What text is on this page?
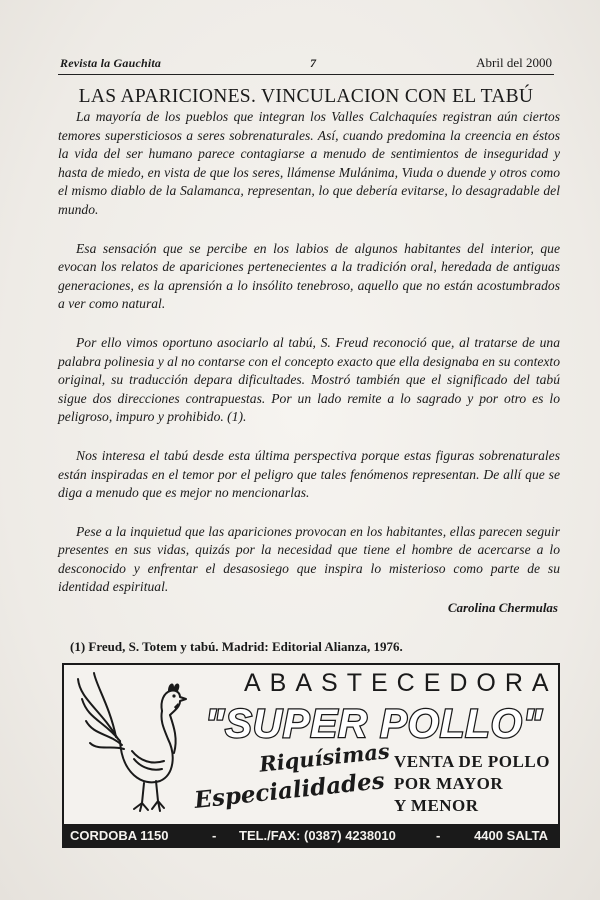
Revista la Gauchita	7	Abril del 2000
LAS APARICIONES. VINCULACION CON EL TABÚ

La mayoría de los pueblos que integran los Valles Calchaquíes registran aún ciertos temores supersticiosos a seres sobrenaturales. Así, cuando predomina la creencia en éstos la vida del ser humano parece contagiarse a menudo de sentimientos de inseguridad y hasta de miedo, en vista de que los seres, llámense Mulánima, Viuda o duende y otros como el mismo diablo de la Salamanca, representan, lo que debería evitarse, lo desagradable del mundo.

Esa sensación que se percibe en los labios de algunos habitantes del interior, que evocan los relatos de apariciones pertenecientes a la tradición oral, heredada de antiguas generaciones, es la aprensión a lo insólito tenebroso, aquello que no están acostumbrados a ver como natural.

Por ello vimos oportuno asociarlo al tabú, S. Freud reconoció que, al tratarse de una palabra polinesia y al no contarse con el concepto exacto que ella designaba en su contexto original, su traducción depara dificultades. Mostró también que el significado del tabú sigue dos direcciones contrapuestas. Por un lado remite a lo sagrado y por otro es lo peligroso, impuro y prohibido. (1).

Nos interesa el tabú desde esta última perspectiva porque estas figuras sobrenaturales están inspiradas en el temor por el peligro que tales fenómenos representan. De allí que se diga a menudo que es mejor no mencionarlas.

Pese a la inquietud que las apariciones provocan en los habitantes, ellas parecen seguir presentes en sus vidas, quizás por la necesidad que tiene el hombre de acercarse a lo desconocido y enfrentar el desasosiego que inspira lo misterioso como parte de su identidad espiritual.

Carolina Chermulas
(1) Freud, S. Totem y tabú. Madrid: Editorial Alianza, 1976.
ABASTECEDORA
"SUPER POLLO"
Riquísimas
Especialidades
VENTA DE POLLO
POR MAYOR
Y MENOR
CORDOBA 1150	- TEL./FAX: (0387) 4238010	-	4400 SALTA
